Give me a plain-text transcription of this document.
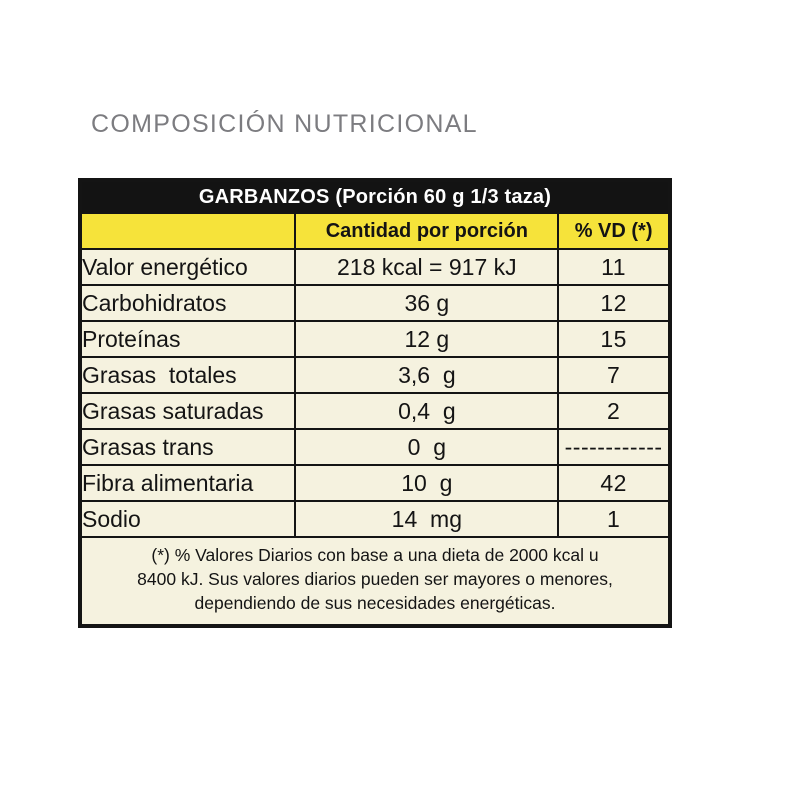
COMPOSICIÓN NUTRICIONAL
GARBANZOS (Porción 60 g 1/3 taza)		
	Cantidad por porción	% VD (*)
Valor energético	218 kcal = 917 kJ	11
Carbohidratos	36 g	12
Proteínas	12 g	15
Grasas  totales	3,6  g	7
Grasas saturadas	0,4  g	2
Grasas trans	0  g	------------
Fibra alimentaria	10  g	42
Sodio	14  mg	1

(*) % Valores Diarios con base a una dieta de 2000 kcal u
8400 kJ. Sus valores diarios pueden ser mayores o menores,
dependiendo de sus necesidades energéticas.		
